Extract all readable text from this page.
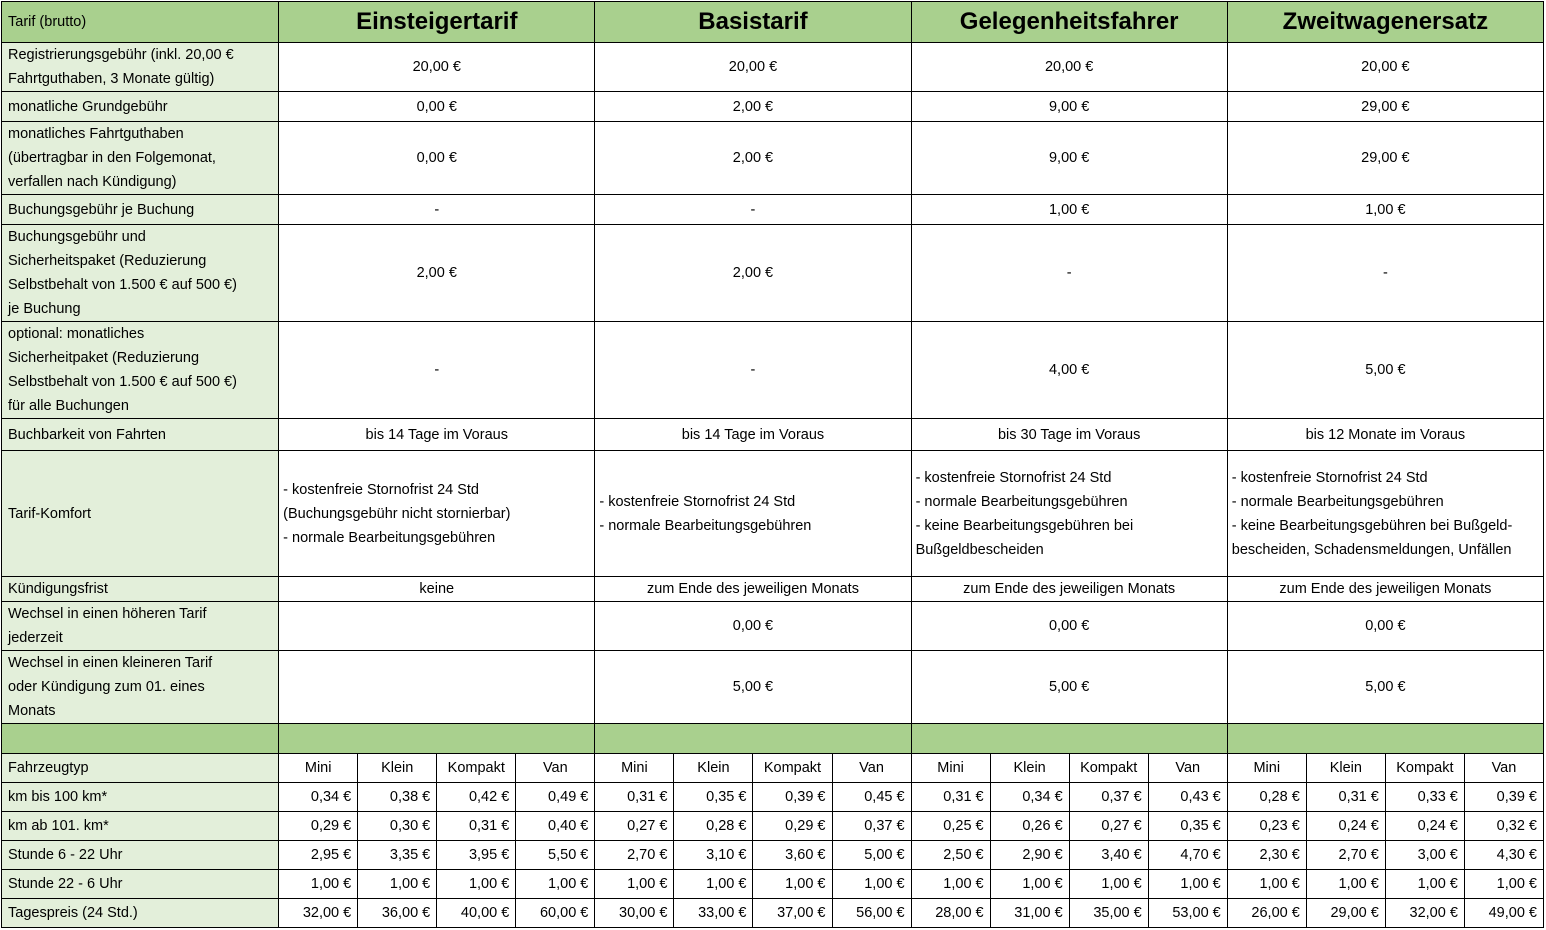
Tarif (brutto)	Einsteigertarif				Basistarif				Gelegenheitsfahrer				Zweitwagenersatz			

Registrierungsgebühr (inkl. 20,00 €
Fahrtguthaben, 3 Monate gültig)	20,00 €				20,00 €				20,00 €				20,00 €			
monatliche Grundgebühr	0,00 €				2,00 €				9,00 €				29,00 €			

monatliches Fahrtguthaben
(übertragbar in den Folgemonat,
verfallen nach Kündigung)	0,00 €				2,00 €				9,00 €				29,00 €			
Buchungsgebühr je Buchung	-				-				1,00 €				1,00 €			

Buchungsgebühr und
Sicherheitspaket (Reduzierung
Selbstbehalt von 1.500 € auf 500 €)
je Buchung	2,00 €				2,00 €				-				-			

optional: monatliches
Sicherheitpaket (Reduzierung
Selbstbehalt von 1.500 € auf 500 €)
für alle Buchungen	-				-				4,00 €				5,00 €			
Buchbarkeit von Fahrten	bis 14 Tage im Voraus				bis 14 Tage im Voraus				bis 30 Tage im Voraus				bis 12 Monate im Voraus			
Tarif-Komfort	- kostenfreie Stornofrist 24 Std
(Buchungsgebühr nicht stornierbar)
- normale Bearbeitungsgebühren				- kostenfreie Stornofrist 24 Std
- normale Bearbeitungsgebühren				- kostenfreie Stornofrist 24 Std
- normale Bearbeitungsgebühren
- keine Bearbeitungsgebühren bei
Bußgeldbescheiden				- kostenfreie Stornofrist 24 Std
- normale Bearbeitungsgebühren
- keine Bearbeitungsgebühren bei Bußgeld-
bescheiden, Schadensmeldungen, Unfällen			

Kündigungsfrist	keine				zum Ende des jeweiligen Monats				zum Ende des jeweiligen Monats				zum Ende des jeweiligen Monats			

Wechsel in einen höheren Tarif
jederzeit					0,00 €				0,00 €				0,00 €			

Wechsel in einen kleineren Tarif
oder Kündigung zum 01. eines
Monats					5,00 €				5,00 €				5,00 €			

Fahrzeugtyp	Mini	Klein	Kompakt	Van	Mini	Klein	Kompakt	Van	Mini	Klein	Kompakt	Van	Mini	Klein	Kompakt	Van
km bis 100 km*	0,34 €	0,38 €	0,42 €	0,49 €	0,31 €	0,35 €	0,39 €	0,45 €	0,31 €	0,34 €	0,37 €	0,43 €	0,28 €	0,31 €	0,33 €	0,39 €
km ab 101. km*	0,29 €	0,30 €	0,31 €	0,40 €	0,27 €	0,28 €	0,29 €	0,37 €	0,25 €	0,26 €	0,27 €	0,35 €	0,23 €	0,24 €	0,24 €	0,32 €
Stunde 6 - 22 Uhr	2,95 €	3,35 €	3,95 €	5,50 €	2,70 €	3,10 €	3,60 €	5,00 €	2,50 €	2,90 €	3,40 €	4,70 €	2,30 €	2,70 €	3,00 €	4,30 €
Stunde 22 - 6 Uhr	1,00 €	1,00 €	1,00 €	1,00 €	1,00 €	1,00 €	1,00 €	1,00 €	1,00 €	1,00 €	1,00 €	1,00 €	1,00 €	1,00 €	1,00 €	1,00 €
Tagespreis (24 Std.)	32,00 €	36,00 €	40,00 €	60,00 €	30,00 €	33,00 €	37,00 €	56,00 €	28,00 €	31,00 €	35,00 €	53,00 €	26,00 €	29,00 €	32,00 €	49,00 €
